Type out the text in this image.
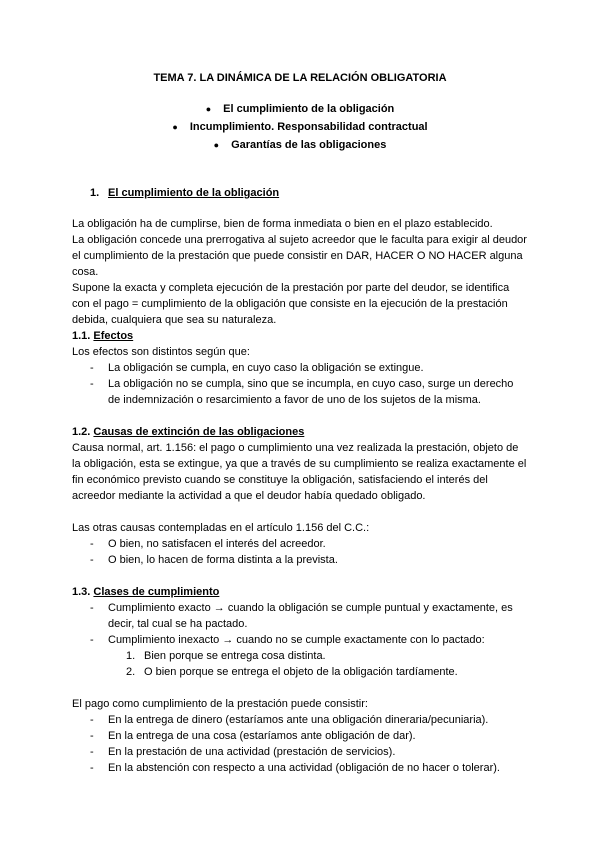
TEMA 7. LA DINÁMICA DE LA RELACIÓN OBLIGATORIA

● El cumplimiento de la obligación
● Incumplimiento. Responsabilidad contractual
● Garantías de las obligaciones
1. El cumplimiento de la obligación

La obligación ha de cumplirse, bien de forma inmediata o bien en el plazo establecido.

La obligación concede una prerrogativa al sujeto acreedor que le faculta para exigir al deudor el cumplimiento de la prestación que puede consistir en DAR, HACER O NO HACER alguna cosa.

Supone la exacta y completa ejecución de la prestación por parte del deudor, se identifica con el pago = cumplimiento de la obligación que consiste en la ejecución de la prestación debida, cualquiera que sea su naturaleza.

1.1. Efectos

Los efectos son distintos según que:

- La obligación se cumpla, en cuyo caso la obligación se extingue.
- La obligación no se cumpla, sino que se incumpla, en cuyo caso, surge un derecho de indemnización o resarcimiento a favor de uno de los sujetos de la misma.

1.2. Causas de extinción de las obligaciones

Causa normal, art. 1.156: el pago o cumplimiento una vez realizada la prestación, objeto de la obligación, esta se extingue, ya que a través de su cumplimiento se realiza exactamente el fin económico previsto cuando se constituye la obligación, satisfaciendo el interés del acreedor mediante la actividad a que el deudor había quedado obligado.

Las otras causas contempladas en el artículo 1.156 del C.C.:

- O bien, no satisfacen el interés del acreedor.
- O bien, lo hacen de forma distinta a la prevista.

1.3. Clases de cumplimiento

- Cumplimiento exacto → cuando la obligación se cumple puntual y exactamente, es decir, tal cual se ha pactado.
- Cumplimiento inexacto → cuando no se cumple exactamente con lo pactado:
1. Bien porque se entrega cosa distinta.
2. O bien porque se entrega el objeto de la obligación tardíamente.

El pago como cumplimiento de la prestación puede consistir:

- En la entrega de dinero (estaríamos ante una obligación dineraria/pecuniaria).
- En la entrega de una cosa (estaríamos ante obligación de dar).
- En la prestación de una actividad (prestación de servicios).
- En la abstención con respecto a una actividad (obligación de no hacer o tolerar).
